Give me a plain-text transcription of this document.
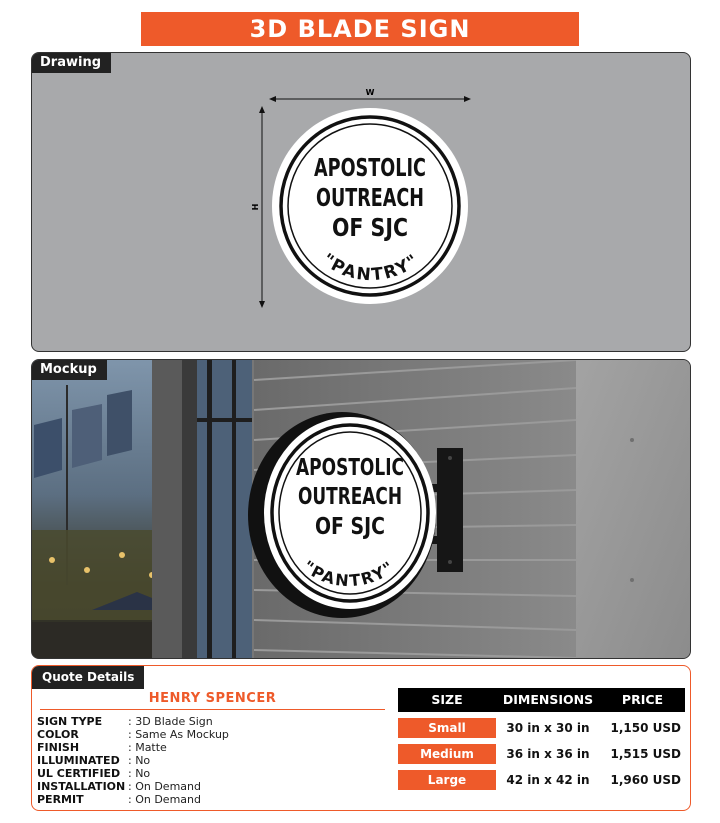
3D BLADE SIGN
Drawing
W
H
APOSTOLIC
OUTREACH
OF SJC
"PANTRY"
Mockup
APOSTOLIC
OUTREACH
OF SJC
"PANTRY"
Quote Details
HENRY SPENCER
SIGN TYPE	: 3D Blade Sign
COLOR	: Same As Mockup
FINISH	: Matte
ILLUMINATED : No
UL CERTIFIED : No
INSTALLATION : On Demand
PERMIT	: On Demand
SIZE	DIMENSIONS	PRICE
Small	30 in x 30 in	1,150 USD
Medium	36 in x 36 in	1,515 USD
Large	42 in x 42 in	1,960 USD
